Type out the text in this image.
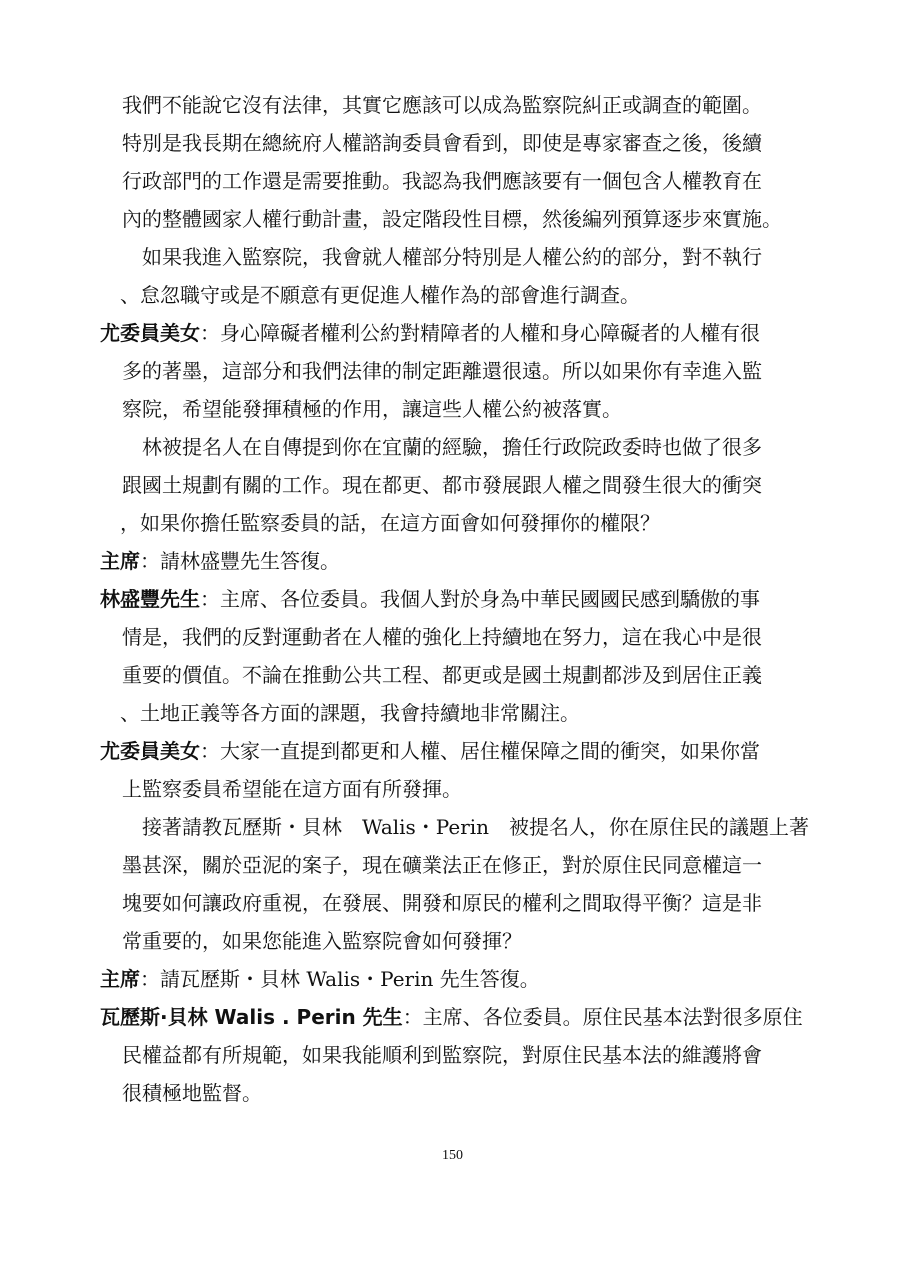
我們不能說它沒有法律，其實它應該可以成為監察院糾正或調查的範圍。
特別是我長期在總統府人權諮詢委員會看到，即使是專家審查之後，後續
行政部門的工作還是需要推動。我認為我們應該要有一個包含人權教育在
內的整體國家人權行動計畫，設定階段性目標，然後編列預算逐步來實施。
如果我進入監察院，我會就人權部分特別是人權公約的部分，對不執行
、怠忽職守或是不願意有更促進人權作為的部會進行調查。
尤委員美女：身心障礙者權利公約對精障者的人權和身心障礙者的人權有很
多的著墨，這部分和我們法律的制定距離還很遠。所以如果你有幸進入監
察院，希望能發揮積極的作用，讓這些人權公約被落實。
林被提名人在自傳提到你在宜蘭的經驗，擔任行政院政委時也做了很多
跟國土規劃有關的工作。現在都更、都市發展跟人權之間發生很大的衝突
，如果你擔任監察委員的話，在這方面會如何發揮你的權限？
主席：請林盛豐先生答復。
林盛豐先生：主席、各位委員。我個人對於身為中華民國國民感到驕傲的事
情是，我們的反對運動者在人權的強化上持續地在努力，這在我心中是很
重要的價值。不論在推動公共工程、都更或是國土規劃都涉及到居住正義
、土地正義等各方面的課題，我會持續地非常關注。
尤委員美女：大家一直提到都更和人權、居住權保障之間的衝突，如果你當
上監察委員希望能在這方面有所發揮。
接著請教瓦歷斯・貝林　Walis・Perin　被提名人，你在原住民的議題上著
墨甚深，關於亞泥的案子，現在礦業法正在修正，對於原住民同意權這一
塊要如何讓政府重視，在發展、開發和原民的權利之間取得平衡？這是非
常重要的，如果您能進入監察院會如何發揮？
主席：請瓦歷斯・貝林 Walis・Perin 先生答復。
瓦歷斯·貝林 Walis . Perin 先生：主席、各位委員。原住民基本法對很多原住
民權益都有所規範，如果我能順利到監察院，對原住民基本法的維護將會
很積極地監督。
150
